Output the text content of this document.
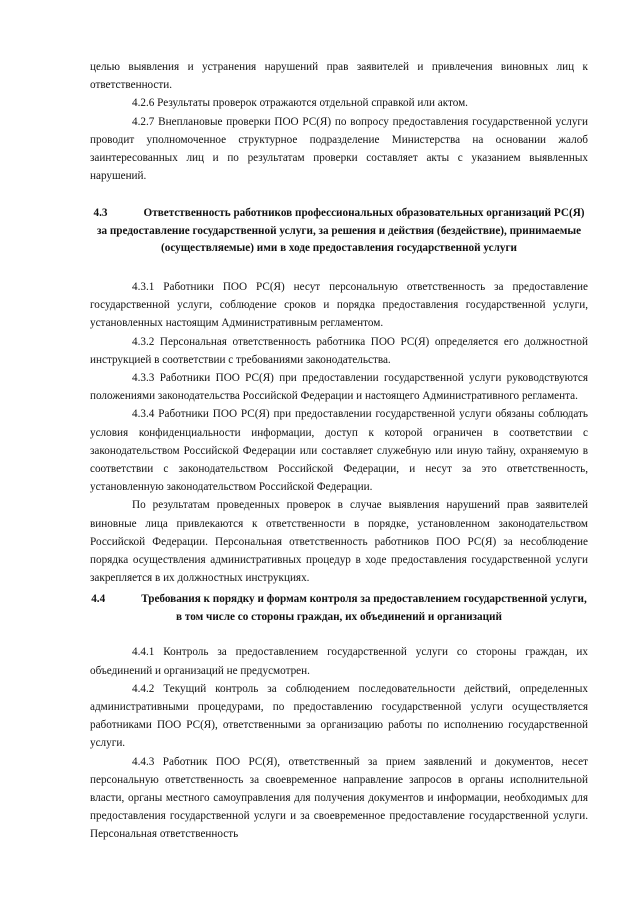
целью выявления и устранения нарушений прав заявителей и привлечения виновных лиц к ответственности.

4.2.6 Результаты проверок отражаются отдельной справкой или актом.

4.2.7 Внеплановые проверки ПОО РС(Я) по вопросу предоставления государственной услуги проводит уполномоченное структурное подразделение Министерства на основании жалоб заинтересованных лиц и по результатам проверки составляет акты с указанием выявленных нарушений.

4.3	Ответственность работников профессиональных образовательных организаций РС(Я) за предоставление государственной услуги, за решения и действия (бездействие), принимаемые (осуществляемые) ими в ходе предоставления государственной услуги

4.3.1 Работники ПОО РС(Я) несут персональную ответственность за предоставление государственной услуги, соблюдение сроков и порядка предоставления государственной услуги, установленных настоящим Административным регламентом.

4.3.2 Персональная ответственность работника ПОО РС(Я) определяется его должностной инструкцией в соответствии с требованиями законодательства.

4.3.3 Работники ПОО РС(Я) при предоставлении государственной услуги руководствуются положениями законодательства Российской Федерации и настоящего Административного регламента.

4.3.4 Работники ПОО РС(Я) при предоставлении государственной услуги обязаны соблюдать условия конфиденциальности информации, доступ к которой ограничен в соответствии с законодательством Российской Федерации или составляет служебную или иную тайну, охраняемую в соответствии с законодательством Российской Федерации, и несут за это ответственность, установленную законодательством Российской Федерации.

По результатам проведенных проверок в случае выявления нарушений прав заявителей виновные лица привлекаются к ответственности в порядке, установленном законодательством Российской Федерации. Персональная ответственность работников ПОО РС(Я) за несоблюдение порядка осуществления административных процедур в ходе предоставления государственной услуги закрепляется в их должностных инструкциях.

4.4	Требования к порядку и формам контроля за предоставлением государственной услуги, в том числе со стороны граждан, их объединений и организаций

4.4.1 Контроль за предоставлением государственной услуги со стороны граждан, их объединений и организаций не предусмотрен.

4.4.2 Текущий контроль за соблюдением последовательности действий, определенных административными процедурами, по предоставлению государственной услуги осуществляется работниками ПОО РС(Я), ответственными за организацию работы по исполнению государственной услуги.

4.4.3 Работник ПОО РС(Я), ответственный за прием заявлений и документов, несет персональную ответственность за своевременное направление запросов в органы исполнительной власти, органы местного самоуправления для получения документов и информации, необходимых для предоставления государственной услуги и за своевременное предоставление государственной услуги. Персональная ответственность
